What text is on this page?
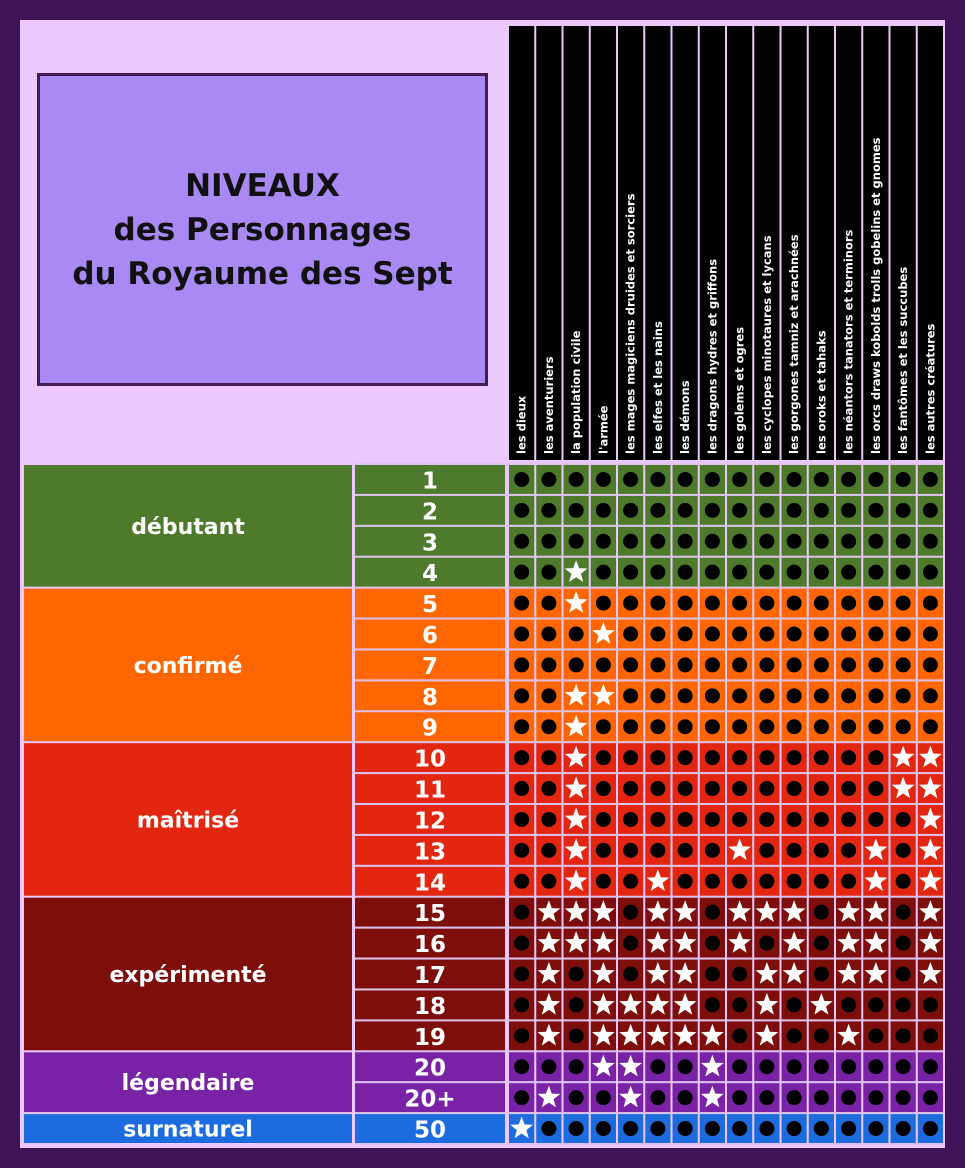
NIVEAUX
des Personnages
du Royaume des Sept
les dieux les aventuriers la population civile l'armée les mages magiciens druides et sorciers les elfes et les nains les démons les dragons hydres et griffons les golems et ogres les cyclopes minotaures et lycans les gorgones tamniz et arachnées les oroks et tahaks les néantors tanators et terminors les orcs draws kobolds trolls gobelins et gnomes les fantômes et les succubes les autres créatures
débutant
confirmé
maîtrisé
expérimenté
légendaire
surnaturel
1
2
3
4
5
6
7
8
9
10
11
12
13
14
15
16
17
18
19
20
20+
50
